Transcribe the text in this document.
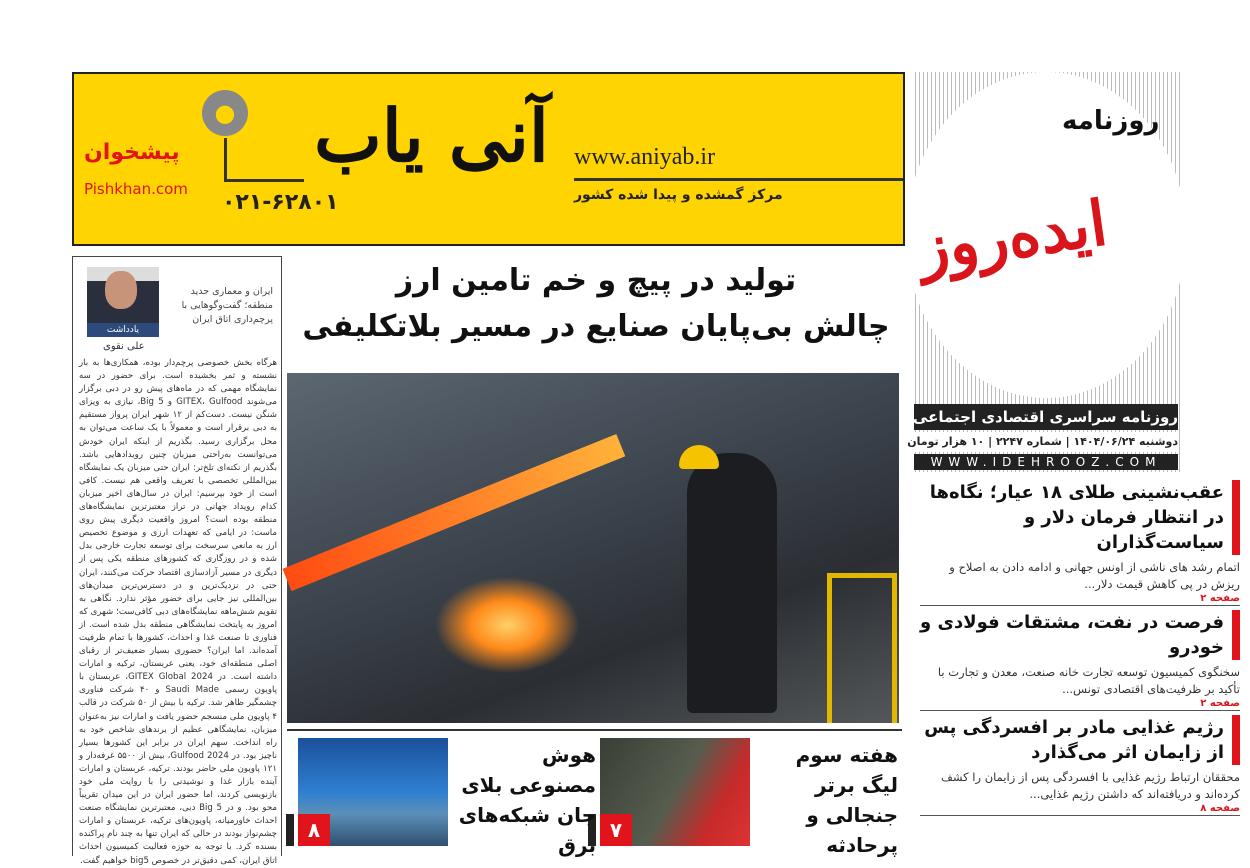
آنی یاب www.aniyab.ir
مرکز گمشده و پیدا شده کشور
●
۰۲۱-۶۲۸۰۱
پیشخوان
Pishkhan.com
روزنامه
ایده‌روز
روزنامه سراسری اقتصادی اجتماعی
دوشنبه ۱۴۰۴/۰۶/۲۴ | شماره ۲۲۴۷ | ۱۰ هزار تومان
WWW.IDEHROOZ.COM
عقب‌نشینی طلای ۱۸ عیار؛ نگاه‌ها در انتظار فرمان دلار و سیاست‌گذاران

اتمام رشد های ناشی از اونس جهانی و ادامه دادن به اصلاح و ریزش در پی کاهش قیمت دلار...

صفحه ۲
فرصت در نفت، مشتقات فولادی و خودرو

سخنگوی کمیسیون توسعه تجارت خانه صنعت، معدن و تجارت با تأکید بر ظرفیت‌های اقتصادی تونس...

صفحه ۲
رژیم غذایی مادر بر افسردگی پس از زایمان اثر می‌گذارد

محققان ارتباط رژیم غذایی با افسردگی پس از زایمان را کشف کرده‌اند و دریافته‌اند که داشتن رژیم غذایی...

صفحه ۸
یادداشت
ایران و معماری جدید منطقه؛ گفت‌وگوهایی با پرچم‌داری اتاق ایران
علی نقوی
هرگاه بخش خصوصی پرچم‌دار بوده، همکاری‌ها به بار نشسته و ثمر بخشیده است. برای حضور در سه نمایشگاه مهمی که در ماه‌های پیش رو در دبی برگزار می‌شوند GITEX، Gulfood و Big 5، نیازی به ویزای شنگن نیست. دست‌کم از ۱۲ شهر ایران پرواز مستقیم به دبی برقرار است و معمولاً با یک ساعت می‌توان به محل برگزاری رسید. بگذریم از اینکه ایران خودش می‌توانست به‌راحتی میزبان چنین رویدادهایی باشد. بگذریم از نکته‌ای تلخ‌تر: ایران حتی میزبان یک نمایشگاه بین‌المللی تخصصی با تعریف واقعی هم نیست. کافی است از خود بپرسیم: ایران در سال‌های اخیر میزبان کدام رویداد جهانی در تراز معتبرترین نمایشگاه‌های منطقه بوده است؟ امروز واقعیت دیگری پیش روی ماست: در ایامی که تعهدات ارزی و موضوع تخصیص ارز به مانعی سرسخت برای توسعه تجارت خارجی بدل شده و در روزگاری که کشورهای منطقه یکی پس از دیگری در مسیر آزادسازی اقتصاد حرکت می‌کنند، ایران حتی در نزدیک‌ترین و در دسترس‌ترین میدان‌های بین‌المللی نیز جایی برای حضور مؤثر ندارد. نگاهی به تقویم شش‌ماهه نمایشگاه‌های دبی کافی‌ست؛ شهری که امروز به پایتخت نمایشگاهی منطقه بدل شده است. از فناوری تا صنعت غذا و احداث، کشورها با تمام ظرفیت آمده‌اند. اما ایران؟ حضوری بسیار ضعیف‌تر از رقبای اصلی منطقه‌ای خود، یعنی عربستان، ترکیه و امارات داشته است. در GITEX Global 2024، عربستان با پاویون رسمی Saudi Made و ۴۰ شرکت فناوری چشمگیر ظاهر شد. ترکیه با بیش از ۵۰ شرکت در قالب ۴ پاویون ملی منسجم حضور یافت و امارات نیز به‌عنوان میزبان، نمایشگاهی عظیم از برندهای شاخص خود به راه انداخت. سهم ایران در برابر این کشورها بسیار ناچیز بود. در Gulfood 2024، بیش از ۵۵۰۰ غرفه‌دار و ۱۲۱ پاویون ملی حاضر بودند. ترکیه، عربستان و امارات آینده بازار غذا و نوشیدنی را با روایت ملی خود بازنویسی کردند، اما حضور ایران در این میدان تقریباً محو بود. و در Big 5 دبی، معتبرترین نمایشگاه صنعت احداث خاورمیانه، پاویون‌های ترکیه، عربستان و امارات چشم‌نواز بودند در حالی که ایران تنها به چند نام پراکنده بسنده کرد. با توجه به حوزه فعالیت کمیسیون احداث اتاق ایران، کمی دقیق‌تر در خصوص big5 خواهیم گفت.
تولید در پیچ و خم تامین ارز
چالش بی‌پایان صنایع در مسیر بلاتکلیفی
هفته سوم لیگ برتر جنجالی و پرحادثه
۷
هوش مصنوعی بلای جان شبکه‌های برق
۸
